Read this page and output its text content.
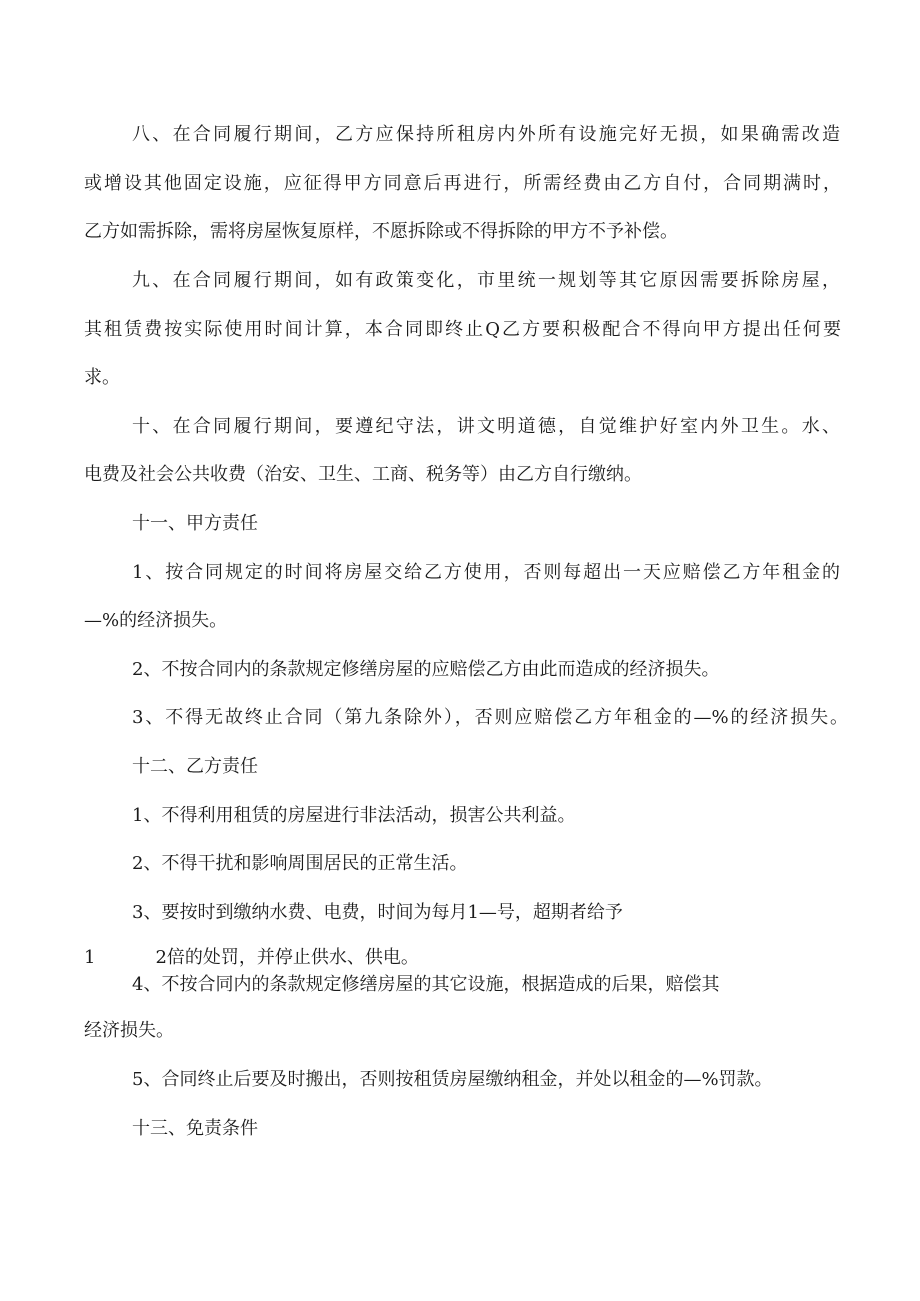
八、在合同履行期间，乙方应保持所租房内外所有设施完好无损，如果确需改造

或增设其他固定设施，应征得甲方同意后再进行，所需经费由乙方自付，合同期满时，

乙方如需拆除，需将房屋恢复原样，不愿拆除或不得拆除的甲方不予补偿。

九、在合同履行期间，如有政策变化，市里统一规划等其它原因需要拆除房屋，

其租赁费按实际使用时间计算，本合同即终止Q乙方要积极配合不得向甲方提出任何要

求。

十、在合同履行期间，要遵纪守法，讲文明道德，自觉维护好室内外卫生。水、

电费及社会公共收费（治安、卫生、工商、税务等）由乙方自行缴纳。

十一、甲方责任

1、按合同规定的时间将房屋交给乙方使用，否则每超出一天应赔偿乙方年租金的

—%的经济损失。

2、不按合同内的条款规定修缮房屋的应赔偿乙方由此而造成的经济损失。

3、不得无故终止合同（第九条除外），否则应赔偿乙方年租金的—%的经济损失。

十二、乙方责任

1、不得利用租赁的房屋进行非法活动，损害公共利益。

2、不得干扰和影响周围居民的正常生活。

3、要按时到缴纳水费、电费，时间为每月1—号，超期者给予

1	2倍的处罚，并停止供水、供电。

4、不按合同内的条款规定修缮房屋的其它设施，根据造成的后果，赔偿其

经济损失。

5、合同终止后要及时搬出，否则按租赁房屋缴纳租金，并处以租金的—%罚款。

十三、免责条件
